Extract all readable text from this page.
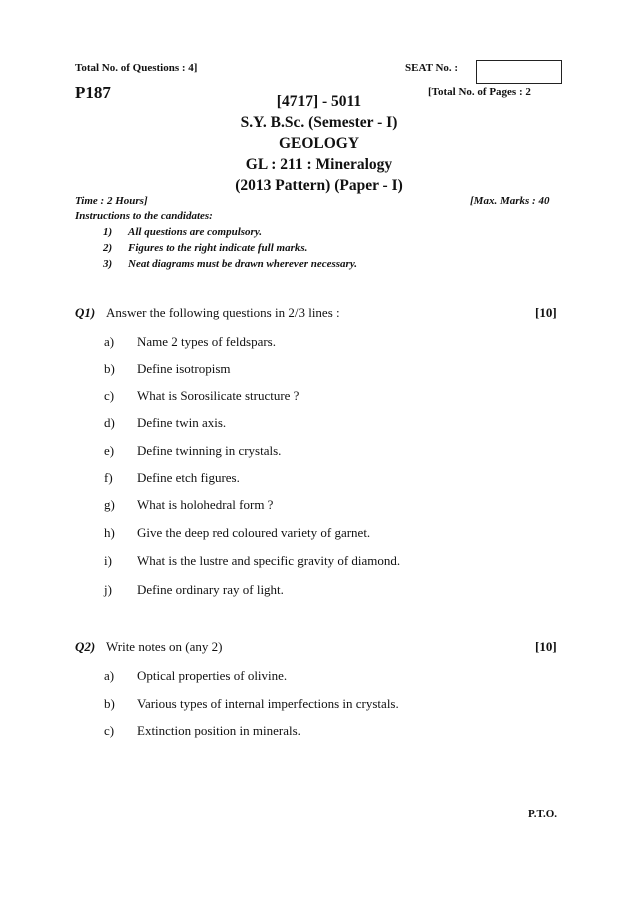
Total No. of Questions : 4]	SEAT No. :
P187	[Total No. of Pages : 2
[4717] - 5011
S.Y. B.Sc. (Semester - I)
GEOLOGY
GL : 211 : Mineralogy
(2013 Pattern) (Paper - I)
Time : 2 Hours]	[Max. Marks : 40
Instructions to the candidates:
1) All questions are compulsory.
2) Figures to the right indicate full marks.
3) Neat diagrams must be drawn wherever necessary.
Q1) Answer the following questions in 2/3 lines :	[10]
a) Name 2 types of feldspars.
b) Define isotropism
c) What is Sorosilicate structure ?
d) Define twin axis.
e) Define twinning in crystals.
f) Define etch figures.
g) What is holohedral form ?
h) Give the deep red coloured variety of garnet.
i) What is the lustre and specific gravity of diamond.
j) Define ordinary ray of light.
Q2) Write notes on (any 2)	[10]
a) Optical properties of olivine.
b) Various types of internal imperfections in crystals.
c) Extinction position in minerals.
P.T.O.
